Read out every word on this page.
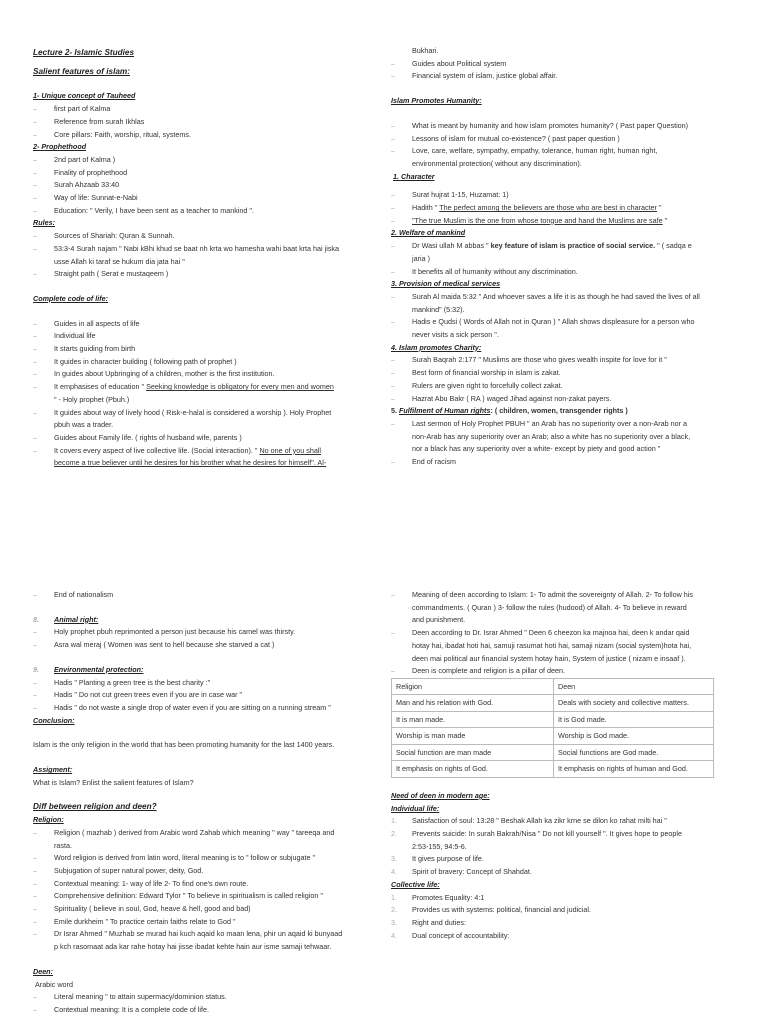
Lecture 2- Islamic Studies

Salient features of islam:

1- Unique concept of Tauheed

– first part of Kalma

– Reference from surah Ikhlas

– Core pillars: Faith, worship, ritual, systems.

2- Prophethood

– 2nd part of Kalma )

– Finality of prophethood

– Surah Ahzaab 33:40

– Way of life: Sunnat-e-Nabi

– Education: " Verily, I have been sent as a teacher to mankind ".

Rules:

– Sources of Shariah: Quran & Sunnah.

– 53:3-4 Surah najam " Nabi kBhi khud se baat nh krta wo hamesha wahi baat krta hai jiska

usse Allah ki taraf se hukum dia jata hai "

– Straight path ( Serat e mustaqeem )

Complete code of life:

– Guides in all aspects of life

– Individual life

– It starts guiding from birth

– It guides in character building ( following path of prophet )

– In guides about Upbringing of a children, mother is the first institution.

– It emphasises of education " Seeking knowledge is obligatory for every men and women

" - Holy prophet (Pbuh.)

– It guides about way of lively hood ( Risk-e-halal is considered a worship ). Holy Prophet

pbuh was a trader.

– Guides about Family life. ( rights of husband wife, parents )

– It covers every aspect of live collective life. (Social interaction). " No one of you shall

become a true believer until he desires for his brother what he desires for himself". Al-

Bukhari.

– Guides about Political system

– Financial system of islam, justice global affair.

Islam Promotes Humanity:

– What is meant by humanity and how islam promotes humanity? ( Past paper Question)

– Lessons of islam for mutual co-existence? ( past paper question )

– Love, care, welfare, sympathy, empathy, tolerance, human right, human right,

environmental protection( without any discrimination).

1. Character

– Surat hujrat 1-15, Huzamat: 1)

– Hadith " The perfect among the believers are those who are best in character "

– "The true Muslim is the one from whose tongue and hand the Muslims are safe "

2. Welfare of mankind

– Dr Wasi ullah M abbas " key feature of islam is practice of social service. " ( sadqa e

jaria )

– It benefits all of humanity without any discrimination.

3. Provision of medical services

– Surah Al maida 5:32 " And whoever saves a life it is as though he had saved the lives of all

mankind" (5:32).

– Hadis e Qudsi ( Words of Allah not in Quran ) " Allah shows displeasure for a person who

never visits a sick person ".

4. Islam promotes Charity:

– Surah Baqrah 2:177 " Muslims are those who gives wealth inspite for love for it "

– Best form of financial worship in islam is zakat.

– Rulers are given right to forcefully collect zakat.

– Hazrat Abu Bakr ( RA ) waged Jihad against non-zakat payers.

5. Fulfilment of Human rights: ( children, women, transgender rights )

– Last sermon of Holy Prophet PBUH " an Arab has no superiority over a non-Arab nor a

non-Arab has any superiority over an Arab; also a white has no superiority over a black,

nor a black has any superiority over a white- except by piety and good action "

– End of racism

– End of nationalism

8. Animal right:

– Holy prophet pbuh reprimonted a person just because his camel was thirsty.

– Asra wal meraj ( Women was sent to hell because she starved a cat )

9. Environmental protection:

– Hadis " Planting a green tree is the best charity :"

– Hadis " Do not cut green trees even if you are in case war "

– Hadis " do not waste a single drop of water even if you are sitting on a running stream "

Conclusion:

Islam is the only religion in the world that has been promoting humanity for the last 1400 years.

Assigment:

What is Islam? Enlist the salient features of Islam?

Diff between religion and deen?

Religion:

– Religion ( mazhab ) derived from Arabic word Zahab which meaning " way " tareeqa and

rasta.

– Word religion is derived from latin word, literal meaning is to " follow or subjugate "

– Subjugation of super natural power, deity, God.

– Contextual meaning: 1- way of life 2- To find one's own route.

– Comprehensive definition: Edward Tylor " To believe in spiritualism is called religion "

– Spirituality ( believe in soul, God, heave & hell, good and bad)

– Emile durkheim " To practice certain faiths relate to God "

– Dr Israr Ahmed " Muzhab se murad hai kuch aqaid ko maan lena, phir un aqaid ki bunyaad

p kch rasomaat ada kar rahe hotay hai jisse ibadat kehte hain aur isme samaji tehwaar.

Deen:

Arabic word

– Literal meaning " to attain supermacy/dominion status.

– Contextual meaning: It is a complete code of life.

– Meaning of deen according to Islam: 1- To admit the sovereignty of Allah. 2- To follow his

commandments. ( Quran ) 3- follow the rules (hudood) of Allah. 4- To believe in reward

and punishment.

– Deen according to Dr. Israr Ahmed " Deen 6 cheezon ka majnoa hai, deen k andar qaid

hotay hai, ibadat hoti hai, samuji rasumat hoti hai, samaji nizam (social system)hota hai,

deen mai political aur financial system hotay hain, System of justice ( nizam e insaaf ).

– Deen is complete and religion is a pillar of deen.

Religion	Deen
Man and his relation with God.	Deals with society and collective matters.
It is man made.	It is God made.
Worship is man made	Worship is God made.
Social function are man made	Social functions are God made.
It emphasis on rights of God.	It emphasis on rights of human and God.

Need of deen in modern age:

Individual life:

1. Satisfaction of soul: 13:28 " Beshak Allah ka zikr krne se dilon ko rahat milti hai "

2. Prevents suicide: In surah Bakrah/Nisa " Do not kill yourself ". It gives hope to people

2:53-155, 94:5-6.

3. It gives purpose of life.

4. Spirit of bravery: Concept of Shahdat.

Collective life:

1. Promotes Equality: 4:1

2. Provides us with systems: political, financial and judicial.

3. Right and duties:

4. Dual concept of accountability:
